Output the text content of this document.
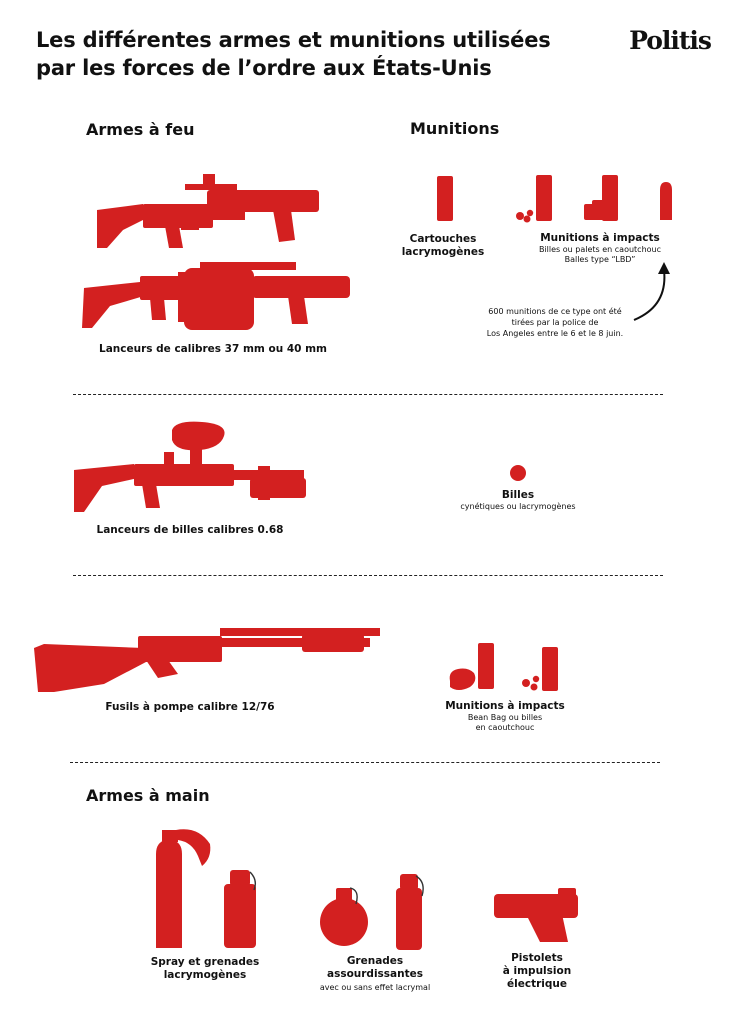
Les différentes armes et munitions utilisées
par les forces de l’ordre aux États-Unis
Politis
Armes à feu	Munitions
Lanceurs de calibres 37 mm ou 40 mm
Cartouches
lacrymogènes
Munitions à impacts
Billes ou palets en caoutchouc
Balles type “LBD”
600 munitions de ce type ont été
tirées par la police de
Los Angeles entre le 6 et le 8 juin.
Lanceurs de billes calibres 0.68
Billes
cynétiques ou lacrymogènes
Fusils à pompe calibre 12/76	Munitions à impacts
Bean Bag ou billes
en caoutchouc
Armes à main
Spray et grenades
lacrymogènes
Grenades
assourdissantes
avec ou sans effet lacrymal
Pistolets
à impulsion
électrique
